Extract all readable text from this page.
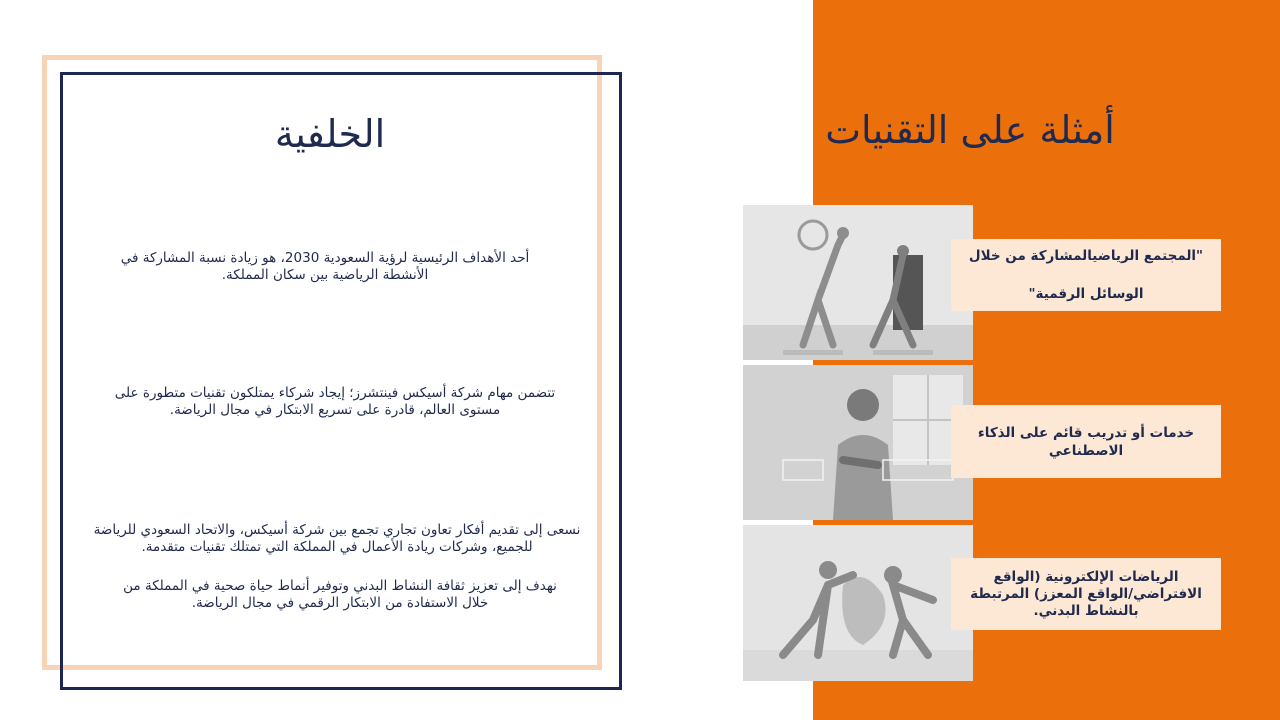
أمثلة على التقنيات
الخلفية
أحد الأهداف الرئيسية لرؤية السعودية 2030، هو زيادة نسبة المشاركة في الأنشطة الرياضية بين سكان المملكة.
تتضمن مهام شركة أسيكس فينتشرز؛ إيجاد شركاء يمتلكون تقنيات متطورة على مستوى العالم، قادرة على تسريع الابتكار في مجال الرياضة.
نسعى إلى تقديم أفكار تعاون تجاري تجمع بين شركة أسيكس، والاتحاد السعودي للرياضة للجميع، وشركات ريادة الأعمال في المملكة التي تمتلك تقنيات متقدمة.
نهدف إلى تعزيز ثقافة النشاط البدني وتوفير أنماط حياة صحية في المملكة من خلال الاستفادة من الابتكار الرقمي في مجال الرياضة.
"المجتمع الرياضيالمشاركة من خلال الوسائل الرقمية"
خدمات أو تدريب قائم على الذكاء الاصطناعي
الرياضات الإلكترونية (الواقع الافتراضي/الواقع المعزز) المرتبطة بالنشاط البدني.
